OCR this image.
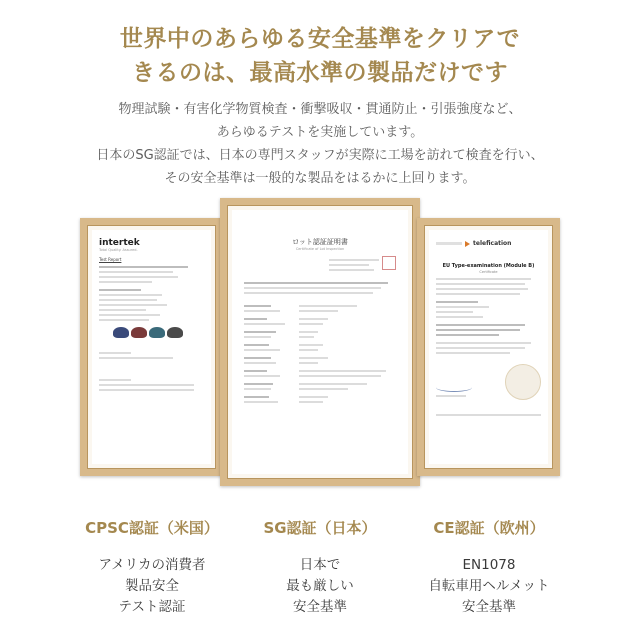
世界中のあらゆる安全基準をクリアで
きるのは、最高水準の製品だけです
物理試験・有害化学物質検査・衝撃吸収・貫通防止・引張強度など、
あらゆるテストを実施しています。
日本のSG認証では、日本の専門スタッフが実際に工場を訪れて検査を行い、
その安全基準は一般的な製品をはるかに上回ります。
intertek
Total Quality. Assured.
Test Report
ロット認証証明書
Certificate of Lot Inspection
telefication
EU Type-examination (Module B)
Certificate
CPSC認証（米国）	SG認証（日本）	CE認証（欧州）
アメリカの消費者
製品安全
テスト認証
日本で
最も厳しい
安全基準
EN1078
自転車用ヘルメット
安全基準
